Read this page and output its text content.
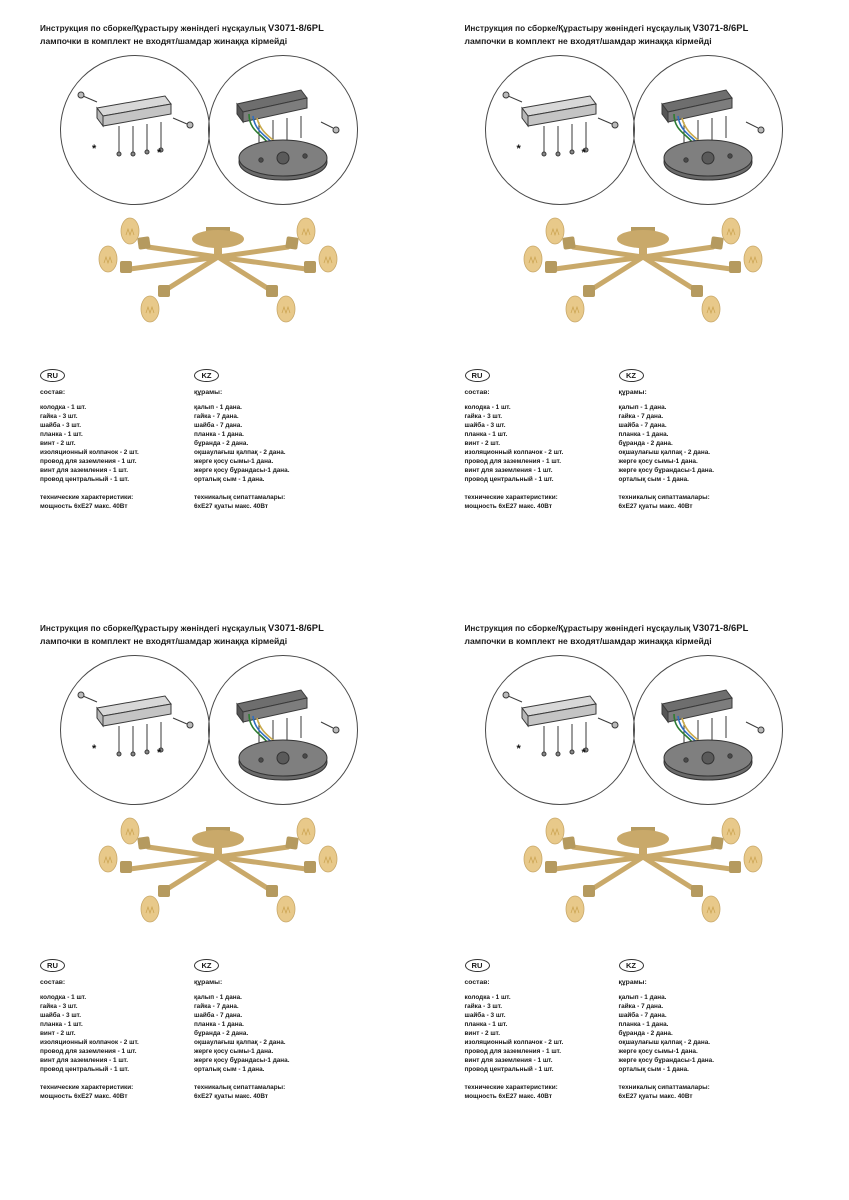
Инструкция по сборке/Құрастыру жөніндегі нұсқаулық V3071-8/6PL
лампочки в комплект не входят/шамдар жинаққа кірмейді
*	*
RU
состав:
колодка - 1 шт.
гайка - 3 шт.
шайба - 3 шт.
планка - 1 шт.
винт - 2 шт.
изоляционный колпачок - 2 шт.
провод для заземления - 1 шт.
винт для заземления - 1 шт.
провод центральный - 1 шт.
технические характеристики:
мощность 6хЕ27 макс. 40Вт
KZ
құрамы:
қалып - 1 дана.
гайка - 7 дана.
шайба - 7 дана.
планка - 1 дана.
бұранда - 2 дана.
оқшаулағыш қалпақ - 2 дана.
жерге қосу сымы-1 дана.
жерге қосу бұрандасы-1 дана.
орталық сым - 1 дана.
техникалық сипаттамалары:
6хЕ27 қуаты макс. 40Вт
Инструкция по сборке/Құрастыру жөніндегі нұсқаулық V3071-8/6PL
лампочки в комплект не входят/шамдар жинаққа кірмейді
*	*
RU
состав:
колодка - 1 шт.
гайка - 3 шт.
шайба - 3 шт.
планка - 1 шт.
винт - 2 шт.
изоляционный колпачок - 2 шт.
провод для заземления - 1 шт.
винт для заземления - 1 шт.
провод центральный - 1 шт.
технические характеристики:
мощность 6хЕ27 макс. 40Вт
KZ
құрамы:
қалып - 1 дана.
гайка - 7 дана.
шайба - 7 дана.
планка - 1 дана.
бұранда - 2 дана.
оқшаулағыш қалпақ - 2 дана.
жерге қосу сымы-1 дана.
жерге қосу бұрандасы-1 дана.
орталық сым - 1 дана.
техникалық сипаттамалары:
6хЕ27 қуаты макс. 40Вт
Инструкция по сборке/Құрастыру жөніндегі нұсқаулық V3071-8/6PL
лампочки в комплект не входят/шамдар жинаққа кірмейді
*	*
RU
состав:
колодка - 1 шт.
гайка - 3 шт.
шайба - 3 шт.
планка - 1 шт.
винт - 2 шт.
изоляционный колпачок - 2 шт.
провод для заземления - 1 шт.
винт для заземления - 1 шт.
провод центральный - 1 шт.
технические характеристики:
мощность 6хЕ27 макс. 40Вт
KZ
құрамы:
қалып - 1 дана.
гайка - 7 дана.
шайба - 7 дана.
планка - 1 дана.
бұранда - 2 дана.
оқшаулағыш қалпақ - 2 дана.
жерге қосу сымы-1 дана.
жерге қосу бұрандасы-1 дана.
орталық сым - 1 дана.
техникалық сипаттамалары:
6хЕ27 қуаты макс. 40Вт
Инструкция по сборке/Құрастыру жөніндегі нұсқаулық V3071-8/6PL
лампочки в комплект не входят/шамдар жинаққа кірмейді
*	*
RU
состав:
колодка - 1 шт.
гайка - 3 шт.
шайба - 3 шт.
планка - 1 шт.
винт - 2 шт.
изоляционный колпачок - 2 шт.
провод для заземления - 1 шт.
винт для заземления - 1 шт.
провод центральный - 1 шт.
технические характеристики:
мощность 6хЕ27 макс. 40Вт
KZ
құрамы:
қалып - 1 дана.
гайка - 7 дана.
шайба - 7 дана.
планка - 1 дана.
бұранда - 2 дана.
оқшаулағыш қалпақ - 2 дана.
жерге қосу сымы-1 дана.
жерге қосу бұрандасы-1 дана.
орталық сым - 1 дана.
техникалық сипаттамалары:
6хЕ27 қуаты макс. 40Вт
